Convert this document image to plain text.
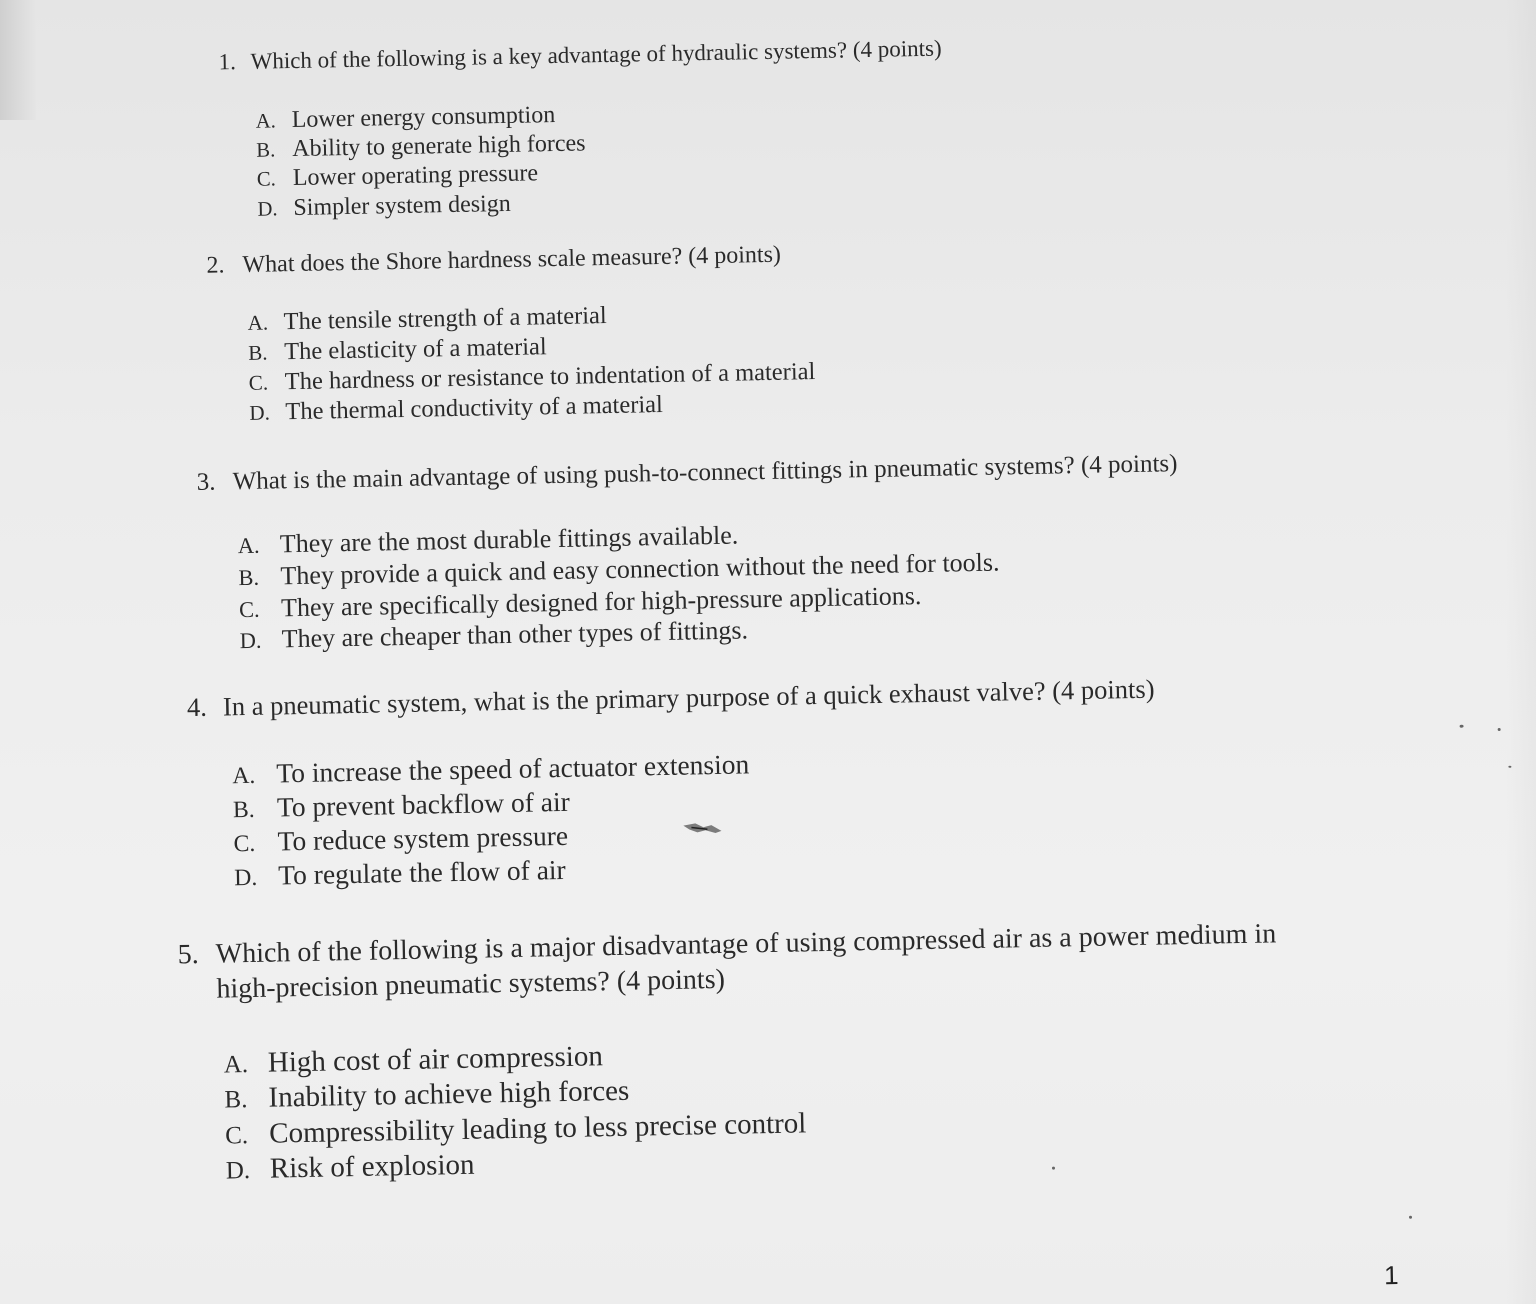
1. Which of the following is a key advantage of hydraulic systems? (4 points)

A. Lower energy consumption
B. Ability to generate high forces
C. Lower operating pressure
D. Simpler system design

2. What does the Shore hardness scale measure? (4 points)

A. The tensile strength of a material
B. The elasticity of a material
C. The hardness or resistance to indentation of a material
D. The thermal conductivity of a material

3. What is the main advantage of using push-to-connect fittings in pneumatic systems? (4 points)

A. They are the most durable fittings available.
B. They provide a quick and easy connection without the need for tools.
C. They are specifically designed for high-pressure applications.
D. They are cheaper than other types of fittings.

4. In a pneumatic system, what is the primary purpose of a quick exhaust valve? (4 points)

A. To increase the speed of actuator extension
B. To prevent backflow of air
C. To reduce system pressure
D. To regulate the flow of air

5. Which of the following is a major disadvantage of using compressed air as a power medium in

high-precision pneumatic systems? (4 points)

A. High cost of air compression
B. Inability to achieve high forces
C. Compressibility leading to less precise control
D. Risk of explosion
1
